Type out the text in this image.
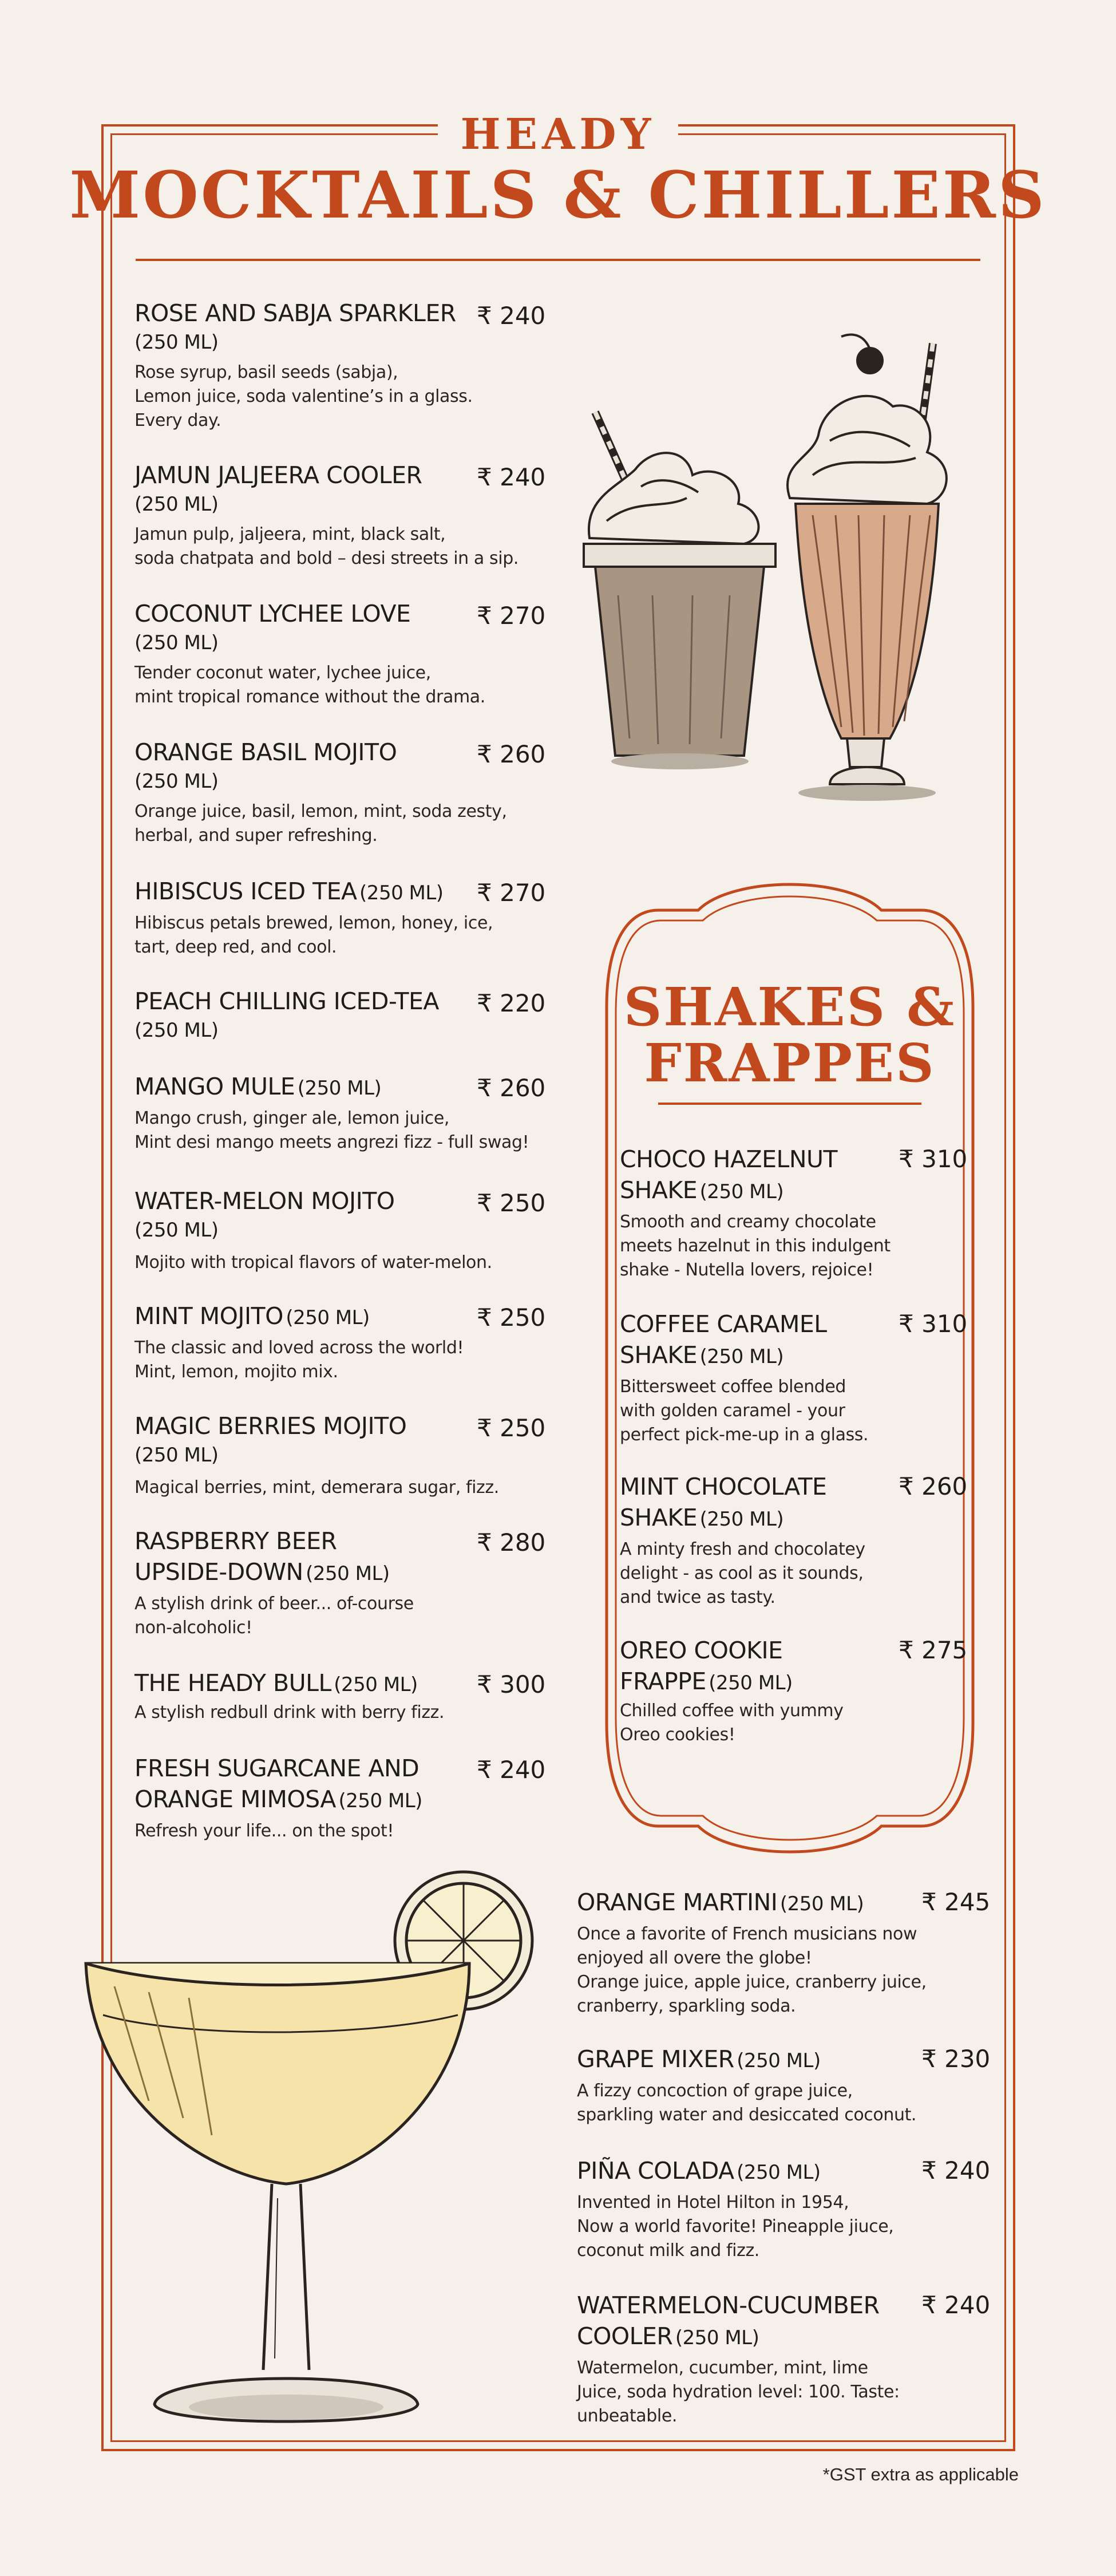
HEADY
MOCKTAILS & CHILLERS
SHAKES & FRAPPES
ROSE AND SABJA SPARKLER
(250 ML)
Rose syrup, basil seeds (sabja),
Lemon juice, soda valentine’s in a glass.
Every day.
₹ 240
JAMUN JALJEERA COOLER
(250 ML)
Jamun pulp, jaljeera, mint, black salt,
soda chatpata and bold – desi streets in a sip.
₹ 240
COCONUT LYCHEE LOVE
(250 ML)
Tender coconut water, lychee juice,
mint tropical romance without the drama.
₹ 270
ORANGE BASIL MOJITO
(250 ML)
Orange juice, basil, lemon, mint, soda zesty,
herbal, and super refreshing.
₹ 260
HIBISCUS ICED TEA (250 ML)
Hibiscus petals brewed, lemon, honey, ice,
tart, deep red, and cool.
₹ 270
PEACH CHILLING ICED-TEA
(250 ML)
₹ 220
MANGO MULE (250 ML)
Mango crush, ginger ale, lemon juice,
Mint desi mango meets angrezi fizz - full swag!
₹ 260
WATER-MELON MOJITO
(250 ML)
Mojito with tropical flavors of water-melon.
₹ 250
MINT MOJITO (250 ML)
The classic and loved across the world!
Mint, lemon, mojito mix.
₹ 250
MAGIC BERRIES MOJITO
(250 ML)
Magical berries, mint, demerara sugar, fizz.
₹ 250
RASPBERRY BEER
UPSIDE-DOWN (250 ML)
A stylish drink of beer... of-course
non-alcoholic!
₹ 280
THE HEADY BULL (250 ML)
A stylish redbull drink with berry fizz.
₹ 300
FRESH SUGARCANE AND
ORANGE MIMOSA (250 ML)
Refresh your life... on the spot!
₹ 240
CHOCO HAZELNUT
SHAKE (250 ML)
Smooth and creamy chocolate
meets hazelnut in this indulgent
shake - Nutella lovers, rejoice!
₹ 310
COFFEE CARAMEL
SHAKE (250 ML)
Bittersweet coffee blended
with golden caramel - your
perfect pick-me-up in a glass.
₹ 310
MINT CHOCOLATE
SHAKE (250 ML)
A minty fresh and chocolatey
delight - as cool as it sounds,
and twice as tasty.
₹ 260
OREO COOKIE
FRAPPE (250 ML)
Chilled coffee with yummy
Oreo cookies!
₹ 275
ORANGE MARTINI (250 ML)
Once a favorite of French musicians now
enjoyed all overe the globe!
Orange juice, apple juice, cranberry juice,
cranberry, sparkling soda.
₹ 245
GRAPE MIXER (250 ML)
A fizzy concoction of grape juice,
sparkling water and desiccated coconut.
₹ 230
PIÑA COLADA (250 ML)
Invented in Hotel Hilton in 1954,
Now a world favorite! Pineapple jiuce,
coconut milk and fizz.
₹ 240
WATERMELON-CUCUMBER
COOLER (250 ML)
Watermelon, cucumber, mint, lime
Juice, soda hydration level: 100. Taste: unbeatable.
₹ 240
*GST extra as applicable
